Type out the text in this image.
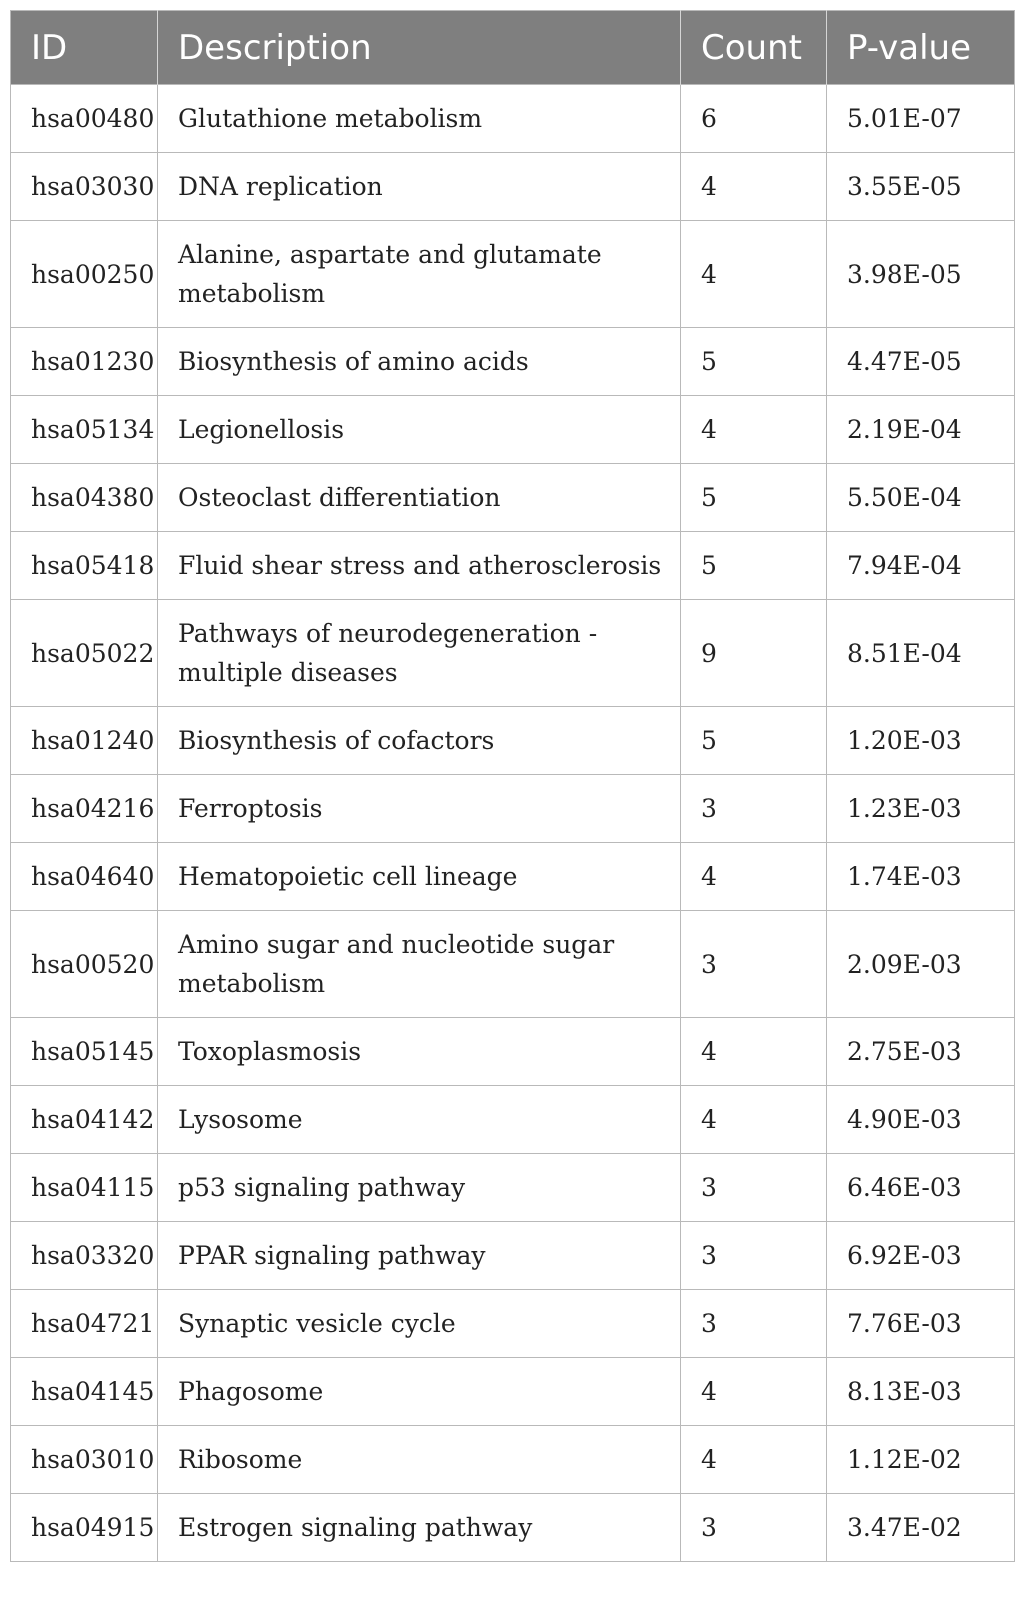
ID	Description	Count	P-value
hsa00480	Glutathione metabolism	6	5.01E-07
hsa03030	DNA replication	4	3.55E-05
hsa00250	Alanine, aspartate and glutamate metabolism	4	3.98E-05
hsa01230	Biosynthesis of amino acids	5	4.47E-05
hsa05134	Legionellosis	4	2.19E-04
hsa04380	Osteoclast differentiation	5	5.50E-04
hsa05418	Fluid shear stress and atherosclerosis	5	7.94E-04
hsa05022	Pathways of neurodegeneration - multiple diseases	9	8.51E-04
hsa01240	Biosynthesis of cofactors	5	1.20E-03
hsa04216	Ferroptosis	3	1.23E-03
hsa04640	Hematopoietic cell lineage	4	1.74E-03
hsa00520	Amino sugar and nucleotide sugar metabolism	3	2.09E-03
hsa05145	Toxoplasmosis	4	2.75E-03
hsa04142	Lysosome	4	4.90E-03
hsa04115	p53 signaling pathway	3	6.46E-03
hsa03320	PPAR signaling pathway	3	6.92E-03
hsa04721	Synaptic vesicle cycle	3	7.76E-03
hsa04145	Phagosome	4	8.13E-03
hsa03010	Ribosome	4	1.12E-02
hsa04915	Estrogen signaling pathway	3	3.47E-02
